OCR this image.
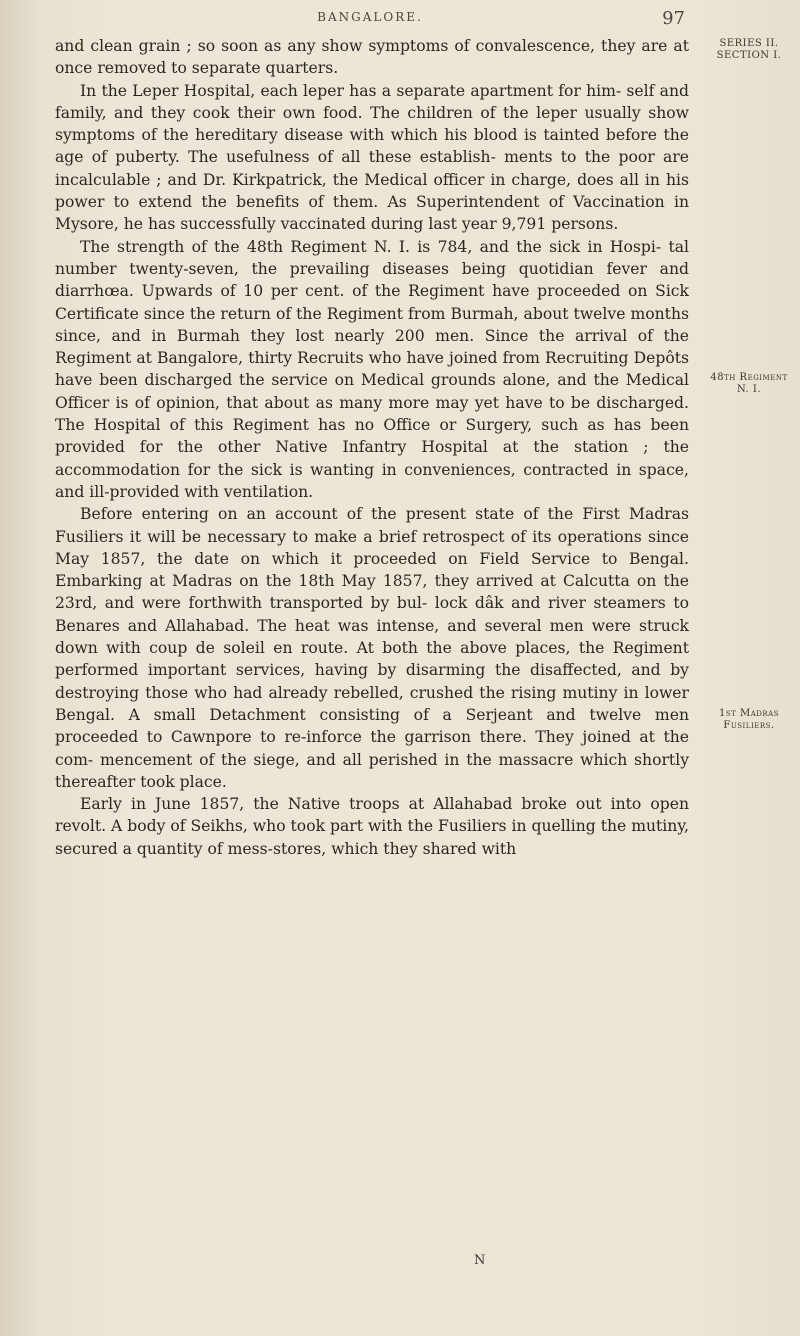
BANGALORE.	97
SERIES II. SECTION I.
48th Regiment N. I.
1st Madras Fusiliers.

and clean grain ; so soon as any show symptoms of convalescence, they are at once removed to separate quarters.

In the Leper Hospital, each leper has a separate apartment for him- self and family, and they cook their own food. The children of the leper usually show symptoms of the hereditary disease with which his blood is tainted before the age of puberty. The usefulness of all these establish- ments to the poor are incalculable ; and Dr. Kirkpatrick, the Medical officer in charge, does all in his power to extend the benefits of them. As Superintendent of Vaccination in Mysore, he has successfully vaccinated during last year 9,791 persons.

The strength of the 48th Regiment N. I. is 784, and the sick in Hospi- tal number twenty-seven, the prevailing diseases being quotidian fever and diarrhœa. Upwards of 10 per cent. of the Regiment have proceeded on Sick Certificate since the return of the Regiment from Burmah, about twelve months since, and in Burmah they lost nearly 200 men. Since the arrival of the Regiment at Bangalore, thirty Recruits who have joined from Recruiting Depôts have been discharged the service on Medical grounds alone, and the Medical Officer is of opinion, that about as many more may yet have to be discharged. The Hospital of this Regiment has no Office or Surgery, such as has been provided for the other Native Infantry Hospital at the station ; the accommodation for the sick is wanting in conveniences, contracted in space, and ill-provided with ventilation.

Before entering on an account of the present state of the First Madras Fusiliers it will be necessary to make a brief retrospect of its operations since May 1857, the date on which it proceeded on Field Service to Bengal. Embarking at Madras on the 18th May 1857, they arrived at Calcutta on the 23rd, and were forthwith transported by bul- lock dâk and river steamers to Benares and Allahabad. The heat was intense, and several men were struck down with coup de soleil en route. At both the above places, the Regiment performed important services, having by disarming the disaffected, and by destroying those who had already rebelled, crushed the rising mutiny in lower Bengal. A small Detachment consisting of a Serjeant and twelve men proceeded to Cawnpore to re-inforce the garrison there. They joined at the com- mencement of the siege, and all perished in the massacre which shortly thereafter took place.

Early in June 1857, the Native troops at Allahabad broke out into open revolt. A body of Seikhs, who took part with the Fusiliers in quelling the mutiny, secured a quantity of mess-stores, which they shared with

N
